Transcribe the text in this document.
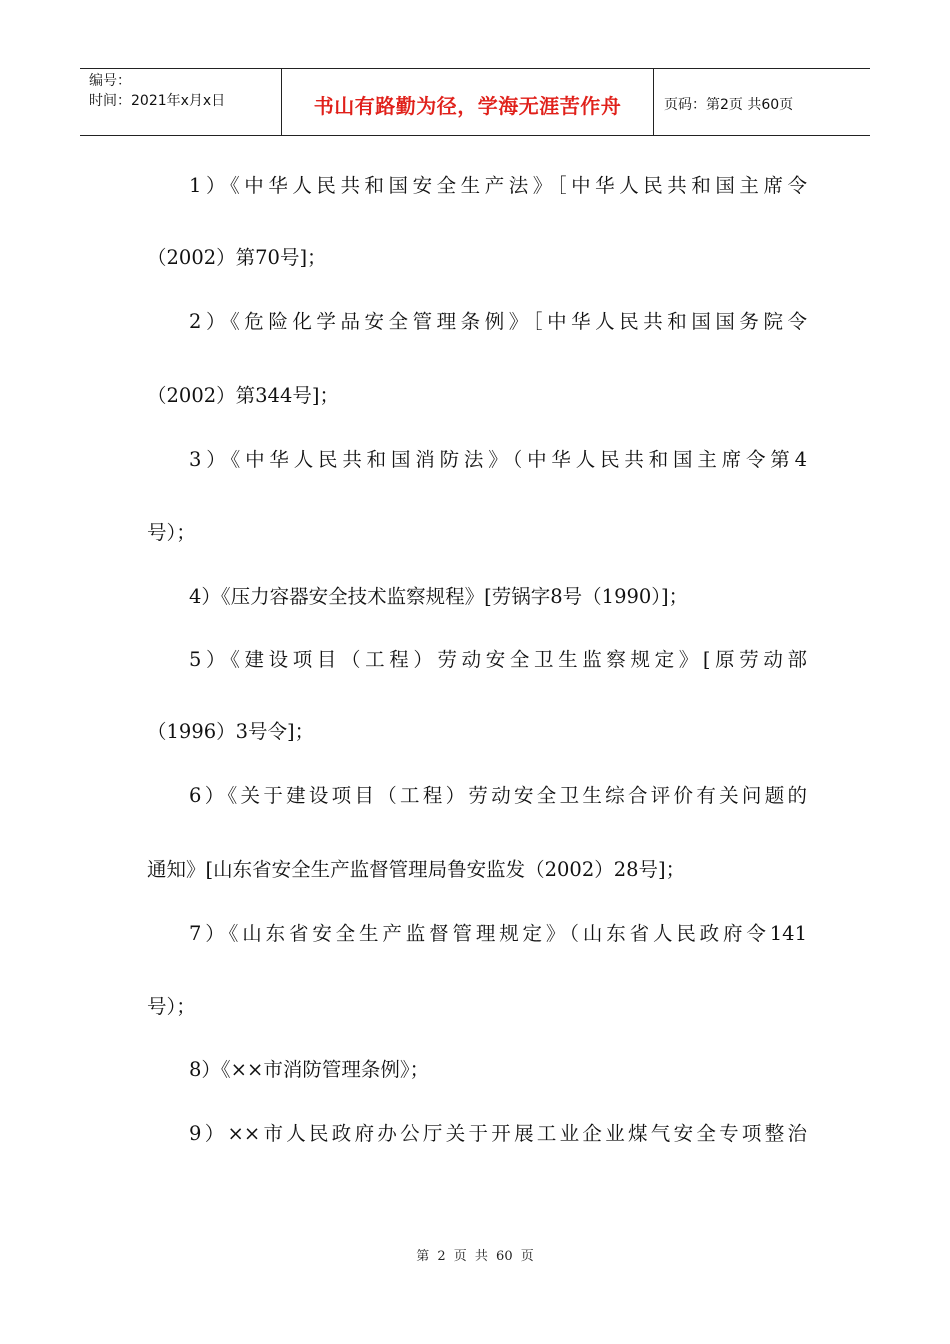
编号：
时间：2021年x月x日	书山有路勤为径，学海无涯苦作舟	页码：第2页 共60页
1）《中华人民共和国安全生产法》［中华人民共和国主席令
（2002）第70号]；
2）《危险化学品安全管理条例》［中华人民共和国国务院令
（2002）第344号]；
3）《中华人民共和国消防法》（中华人民共和国主席令第4
号）；
4）《压力容器安全技术监察规程》[劳锅字8号（1990）]；
5）《建设项目（工程）劳动安全卫生监察规定》[原劳动部
（1996）3号令]；
6）《关于建设项目（工程）劳动安全卫生综合评价有关问题的
通知》[山东省安全生产监督管理局鲁安监发（2002）28号]；
7）《山东省安全生产监督管理规定》（山东省人民政府令141
号）；
8）《××市消防管理条例》；
9）××市人民政府办公厅关于开展工业企业煤气安全专项整治
第 2 页 共 60 页
